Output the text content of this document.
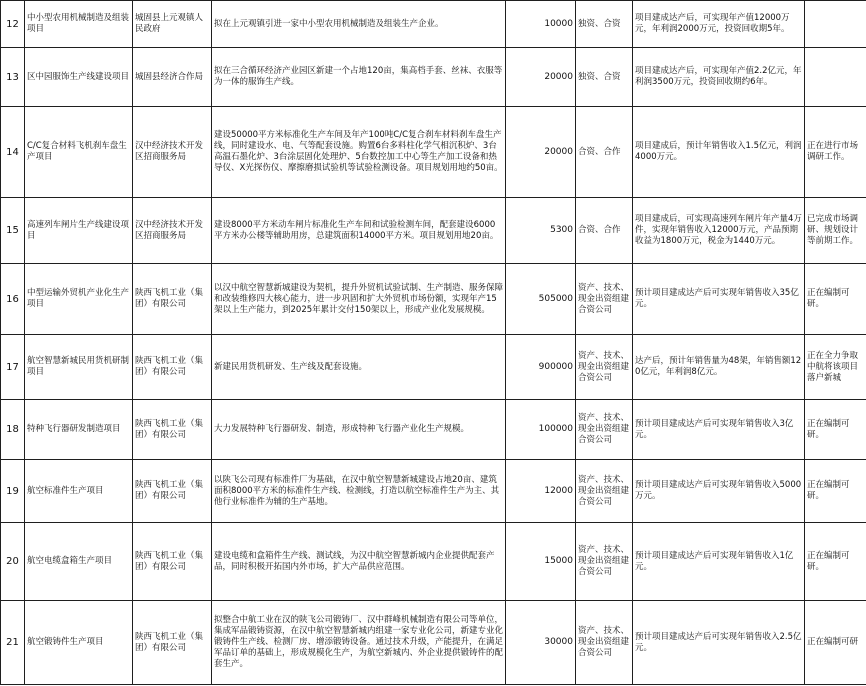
12	中小型农用机械制造及组装项目	城固县上元观镇人民政府	拟在上元观镇引进一家中小型农用机械制造及组装生产企业。	10000	独资、合资	项目建成达产后，可实现年产值12000万元，年利润2000万元，投资回收期5年。	
13	区中园服饰生产线建设项目	城固县经济合作局	拟在三合循环经济产业园区新建一个占地120亩，集高档手套、丝袜、衣服等为一体的服饰生产线。	20000	独资、合资	项目建成达产后，可实现年产值2.2亿元，年利润3500万元，投资回收期约6年。	
14	C/C复合材料飞机刹车盘生产项目	汉中经济技术开发区招商服务局	建设50000平方米标准化生产车间及年产100吨C/C复合刹车材料刹车盘生产线，同时建设水、电、气等配套设施。购置6台多料柱化学气相沉积炉、3台高温石墨化炉、3台涂层固化处理炉、5台数控加工中心等生产加工设备和热导仪、X光探伤仪、摩擦磨损试验机等试验检测设备。项目规划用地约50亩。	20000	合资、合作	项目建成后，预计年销售收入1.5亿元，利润4000万元。	正在进行市场调研工作。
15	高速列车闸片生产线建设项目	汉中经济技术开发区招商服务局	建设8000平方米动车闸片标准化生产车间和试验检测车间，配套建设6000平方米办公楼等辅助用房，总建筑面积14000平方米。项目规划用地20亩。	5300	合资、合作	项目建成后，可实现高速列车闸片年产量4万件，实现年销售收入12000万元，产品预期收益为1800万元，税金为1440万元。	已完成市场调研、规划设计等前期工作。
16	中型运输外贸机产业化生产项目	陕西飞机工业（集团）有限公司	以汉中航空智慧新城建设为契机，提升外贸机试验试制、生产制造、服务保障和改装维修四大核心能力，进一步巩固和扩大外贸机市场份额，实现年产15架以上生产能力，到2025年累计交付150架以上，形成产业化发展规模。	505000	资产、技术、现金出资组建合资公司	预计项目建成达产后可实现年销售收入35亿元。	正在编制可研。
17	航空智慧新城民用货机研制项目	陕西飞机工业（集团）有限公司	新建民用货机研发、生产线及配套设施。	900000	资产、技术、现金出资组建合资公司	达产后，预计年销售量为48架，年销售额120亿元，年利润8亿元。	正在全力争取中航将该项目落户新城
18	特种飞行器研发制造项目	陕西飞机工业（集团）有限公司	大力发展特种飞行器研发、制造，形成特种飞行器产业化生产规模。	100000	资产、技术、现金出资组建合资公司	预计项目建成达产后可实现年销售收入3亿元。	正在编制可研。
19	航空标准件生产项目	陕西飞机工业（集团）有限公司	以陕飞公司现有标准件厂为基础，在汉中航空智慧新城建设占地20亩、建筑面积8000平方米的标准件生产线、检测线，打造以航空标准件生产为主、其他行业标准件为辅的生产基地。	12000	资产、技术、现金出资组建合资公司	预计项目建成达产后可实现年销售收入5000万元。	正在编制可研。
20	航空电缆盒箱生产项目	陕西飞机工业（集团）有限公司	建设电缆和盒箱件生产线、测试线，为汉中航空智慧新城内企业提供配套产品，同时积极开拓国内外市场，扩大产品供应范围。	15000	资产、技术、现金出资组建合资公司	预计项目建成达产后可实现年销售收入1亿元。	正在编制可研。
21	航空锻铸件生产项目	陕西飞机工业（集团）有限公司	拟整合中航工业在汉的陕飞公司锻铸厂、汉中群峰机械制造有限公司等单位，集成军品锻铸资源，在汉中航空智慧新城内组建一家专业化公司，新建专业化锻铸件生产线、检测厂房、增添锻铸设备。通过技术升级，产能提升，在满足军品订单的基础上，形成规模化生产，为航空新城内、外企业提供锻铸件的配套生产。	30000	资产、技术、现金出资组建合资公司	预计项目建成达产后可实现年销售收入2.5亿元。	正在编制可研
